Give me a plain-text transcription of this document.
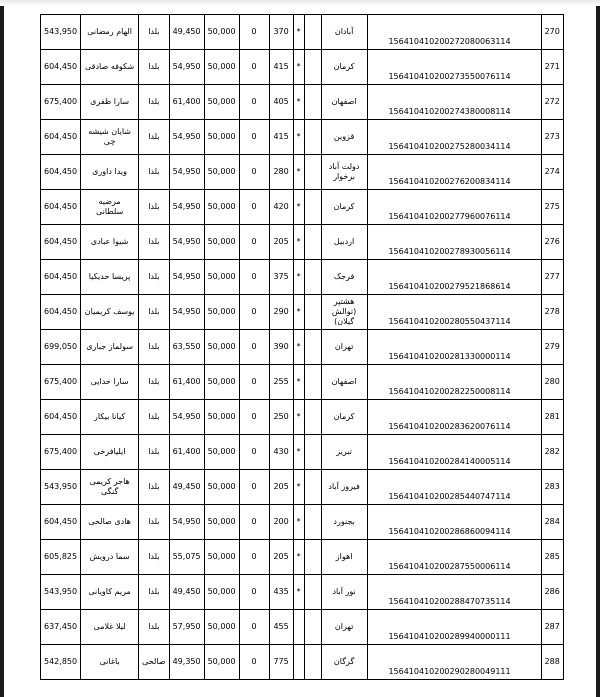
543,950	الهام رمضانی	بلدا	49,450	50,000	0	370	*		آبادان	15641041020027208006311​4	270
604,450	شکوفه صادقی	بلدا	54,950	50,000	0	415	*		کرمان	156410410200273550076114	271
675,400	سارا ظفری	بلدا	61,400	50,000	0	405	*		اصفهان	156410410200274380008114	272
604,450	شایان شیشه چی	بلدا	54,950	50,000	0	415	*		قزوین	156410410200275280034114	273
604,450	ویدا داوری	بلدا	54,950	50,000	0	280	*		دولت آباد برخوار	156410410200276200834114	274
604,450	مرضیه سلطانی	بلدا	54,950	50,000	0	420	*		کرمان	156410410200277960076114	275
604,450	شیوا عبادی	بلدا	54,950	50,000	0	205	*		اردبیل	156410410200278930056114	276
604,450	پریسا حدیکیا	بلدا	54,950	50,000	0	375	*		فرجک	156410410200279521868614	277
604,450	یوسف کریمیان	بلدا	54,950	50,000	0	290	*		هشتپر (توالش گیلان)	156410410200280550437114	278
699,050	سولماز جباری	بلدا	63,550	50,000	0	390	*		تهران	156410410200281330000114	279
675,400	سارا خدایی	بلدا	61,400	50,000	0	255	*		اصفهان	156410410200282250008114	280
604,450	کیانا بیکار	بلدا	54,950	50,000	0	250	*		کرمان	156410410200283620076114	281
675,400	ایلیافرخی	بلدا	61,400	50,000	0	430	*		تبریز	156410410200284140005114	282
543,950	هاجر کریمی گنگی	بلدا	49,450	50,000	0	205	*		فیروز آباد	156410410200285440747114	283
604,450	هادی صالحی	بلدا	54,950	50,000	0	200	*		بجنورد	156410410200286860094114	284
605,825	سما درویش	بلدا	55,075	50,000	0	205	*		اهواز	156410410200287550006114	285
543,950	مریم کاویانی	بلدا	49,450	50,000	0	435	*		نور آباد	156410410200288470735114	286
637,450	لیلا غلامی	بلدا	57,950	50,000	0	455			تهران	156410410200289940000111	287
542,850	باغانی	صالحی	49,350	50,000	0	775			گرگان	156410410200290280049111	288
